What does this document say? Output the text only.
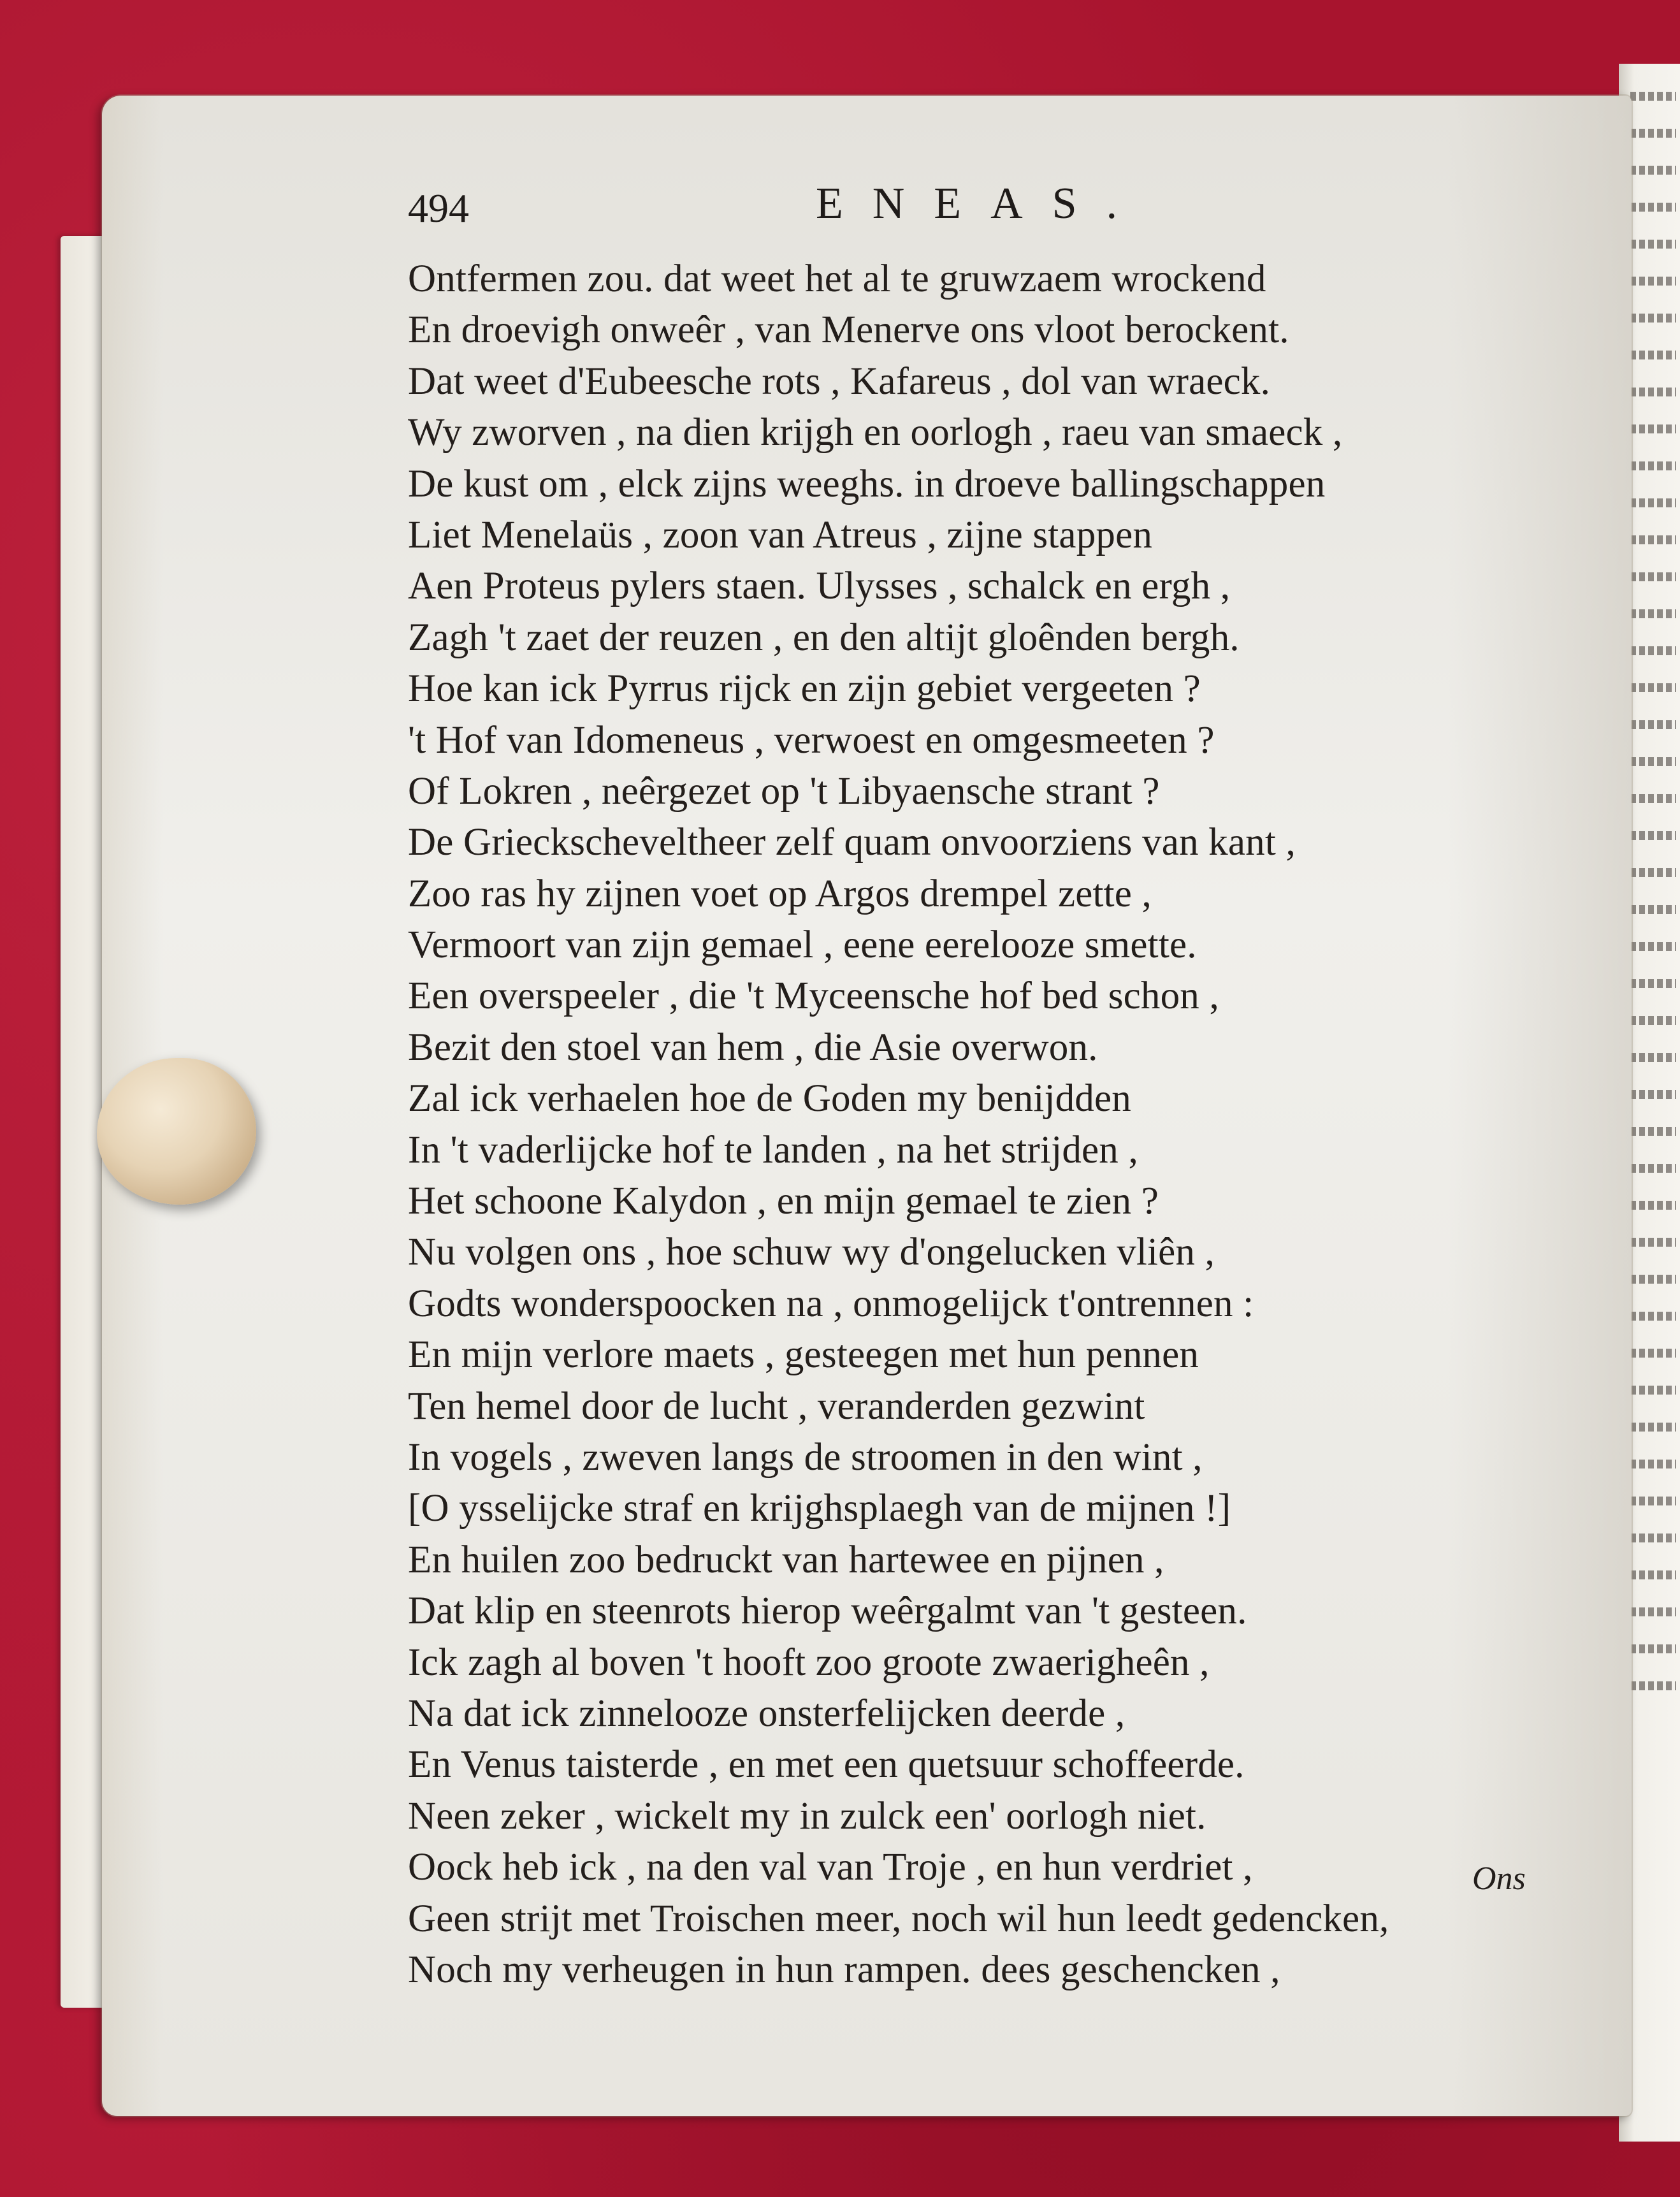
494	ENEAS.
Ontfermen zou. dat weet het al te gruwzaem wrockend
En droevigh onweêr , van Menerve ons vloot berockent.
Dat weet d'Eubeesche rots , Kafareus , dol van wraeck.
Wy zworven , na dien krijgh en oorlogh , raeu van smaeck ,
De kust om , elck zijns weeghs. in droeve ballingschappen
Liet Menelaüs , zoon van Atreus , zijne stappen
Aen Proteus pylers staen. Ulysses , schalck en ergh ,
Zagh 't zaet der reuzen , en den altijt gloênden bergh.
Hoe kan ick Pyrrus rijck en zijn gebiet vergeeten ?
't Hof van Idomeneus , verwoest en omgesmeeten ?
Of Lokren , neêrgezet op 't Libyaensche strant ?
De Grieckscheveltheer zelf quam onvoorziens van kant ,
Zoo ras hy zijnen voet op Argos drempel zette ,
Vermoort van zijn gemael , eene eerelooze smette.
Een overspeeler , die 't Myceensche hof bed schon ,
Bezit den stoel van hem , die Asie overwon.
Zal ick verhaelen hoe de Goden my benijdden
In 't vaderlijcke hof te landen , na het strijden ,
Het schoone Kalydon , en mijn gemael te zien ?
Nu volgen ons , hoe schuw wy d'ongelucken vliên ,
Godts wonderspoocken na , onmogelijck t'ontrennen :
En mijn verlore maets , gesteegen met hun pennen
Ten hemel door de lucht , veranderden gezwint
In vogels , zweven langs de stroomen in den wint ,
[O ysselijcke straf en krijghsplaegh van de mijnen !]
En huilen zoo bedruckt van hartewee en pijnen ,
Dat klip en steenrots hierop weêrgalmt van 't gesteen.
Ick zagh al boven 't hooft zoo groote zwaerigheên ,
Na dat ick zinnelooze onsterfelijcken deerde ,
En Venus taisterde , en met een quetsuur schoffeerde.
Neen zeker , wickelt my in zulck een' oorlogh niet.
Oock heb ick , na den val van Troje , en hun verdriet ,
Geen strijt met Troischen meer, noch wil hun leedt gedencken,
Noch my verheugen in hun rampen. dees geschencken ,
Ons
